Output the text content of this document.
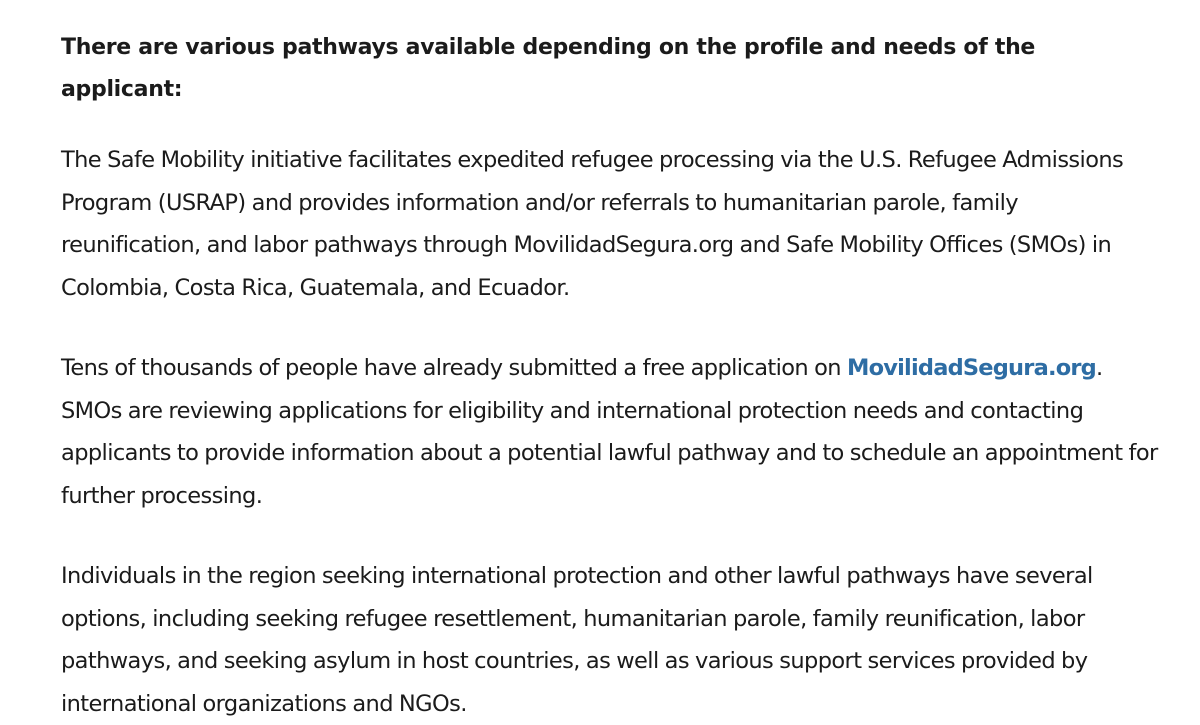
There are various pathways available depending on the profile and needs of the applicant:

The Safe Mobility initiative facilitates expedited refugee processing via the U.S. Refugee Admissions Program (USRAP) and provides information and/or referrals to humanitarian parole, family reunification, and labor pathways through MovilidadSegura.org and Safe Mobility Offices (SMOs) in Colombia, Costa Rica, Guatemala, and Ecuador.

Tens of thousands of people have already submitted a free application on MovilidadSegura.org. SMOs are reviewing applications for eligibility and international protection needs and contacting applicants to provide information about a potential lawful pathway and to schedule an appointment for further processing.

Individuals in the region seeking international protection and other lawful pathways have several options, including seeking refugee resettlement, humanitarian parole, family reunification, labor pathways, and seeking asylum in host countries, as well as various support services provided by international organizations and NGOs.
